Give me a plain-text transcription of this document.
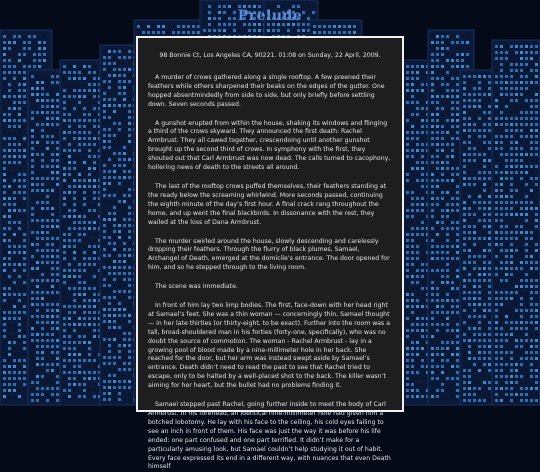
Prelude

98 Bonnie Ct, Los Angeles CA, 90221. 01:08 on Sunday, 22 April, 2009.

A murder of crows gathered along a single rooftop. A few preened their feathers while others sharpened their beaks on the edges of the gutter. One hopped absentmindedly from side to side, but only briefly before settling down. Seven seconds passed.

A gunshot erupted from within the house, shaking its windows and flinging a third of the crows skyward. They announced the first death: Rachel Armbrust. They all cawed together, crescendoing until another gunshot brought up the second third of crows. In symphony with the first, they shouted out that Carl Armbrust was now dead. The calls turned to cacophony, hollering news of death to the streets all around.

The last of the rooftop crows puffed themselves, their feathers standing at the ready below the screaming whirlwind. More seconds passed, continuing the eighth minute of the day’s first hour. A final crack rang throughout the home, and up went the final blackbirds. In dissonance with the rest, they wailed at the loss of Dana Armbrust.

The murder swirled around the house, slowly descending and carelessly dropping their feathers. Through the flurry of black plumes, Samael, Archangel of Death, emerged at the domicile’s entrance. The door opened for him, and so he stepped through to the living room.

The scene was immediate.

In front of him lay two limp bodies. The first, face-down with her head right at Samael’s feet. She was a thin woman — concerningly thin, Samael thought — in her late thirties (or thirty-eight, to be exact). Further into the room was a tall, broad-shouldered man in his forties (forty-one, specifically), who was no doubt the source of commotion. The woman - Rachel Armbrust - lay in a growing pool of blood made by a nine-millimeter hole in her back. She reached for the door, but her arm was instead swept aside by Samael’s entrance. Death didn’t need to read the past to see that Rachel tried to escape, only to be halted by a well-placed shot to the back. The killer wasn’t aiming for her heart, but the bullet had no problems finding it.

Samael stepped past Rachel, going further inside to meet the body of Carl Armbrust. In his forehead, an identical nine-millimeter hole had given him a botched lobotomy. He lay with his face to the ceiling, his cold eyes failing to see an inch in front of them. His face was just the way it was before his life ended: one part confused and one part terrified. It didn’t make for a particularly amusing look, but Samael couldn’t help studying it out of habit. Every face expressed its end in a different way, with nuances that even Death himself
